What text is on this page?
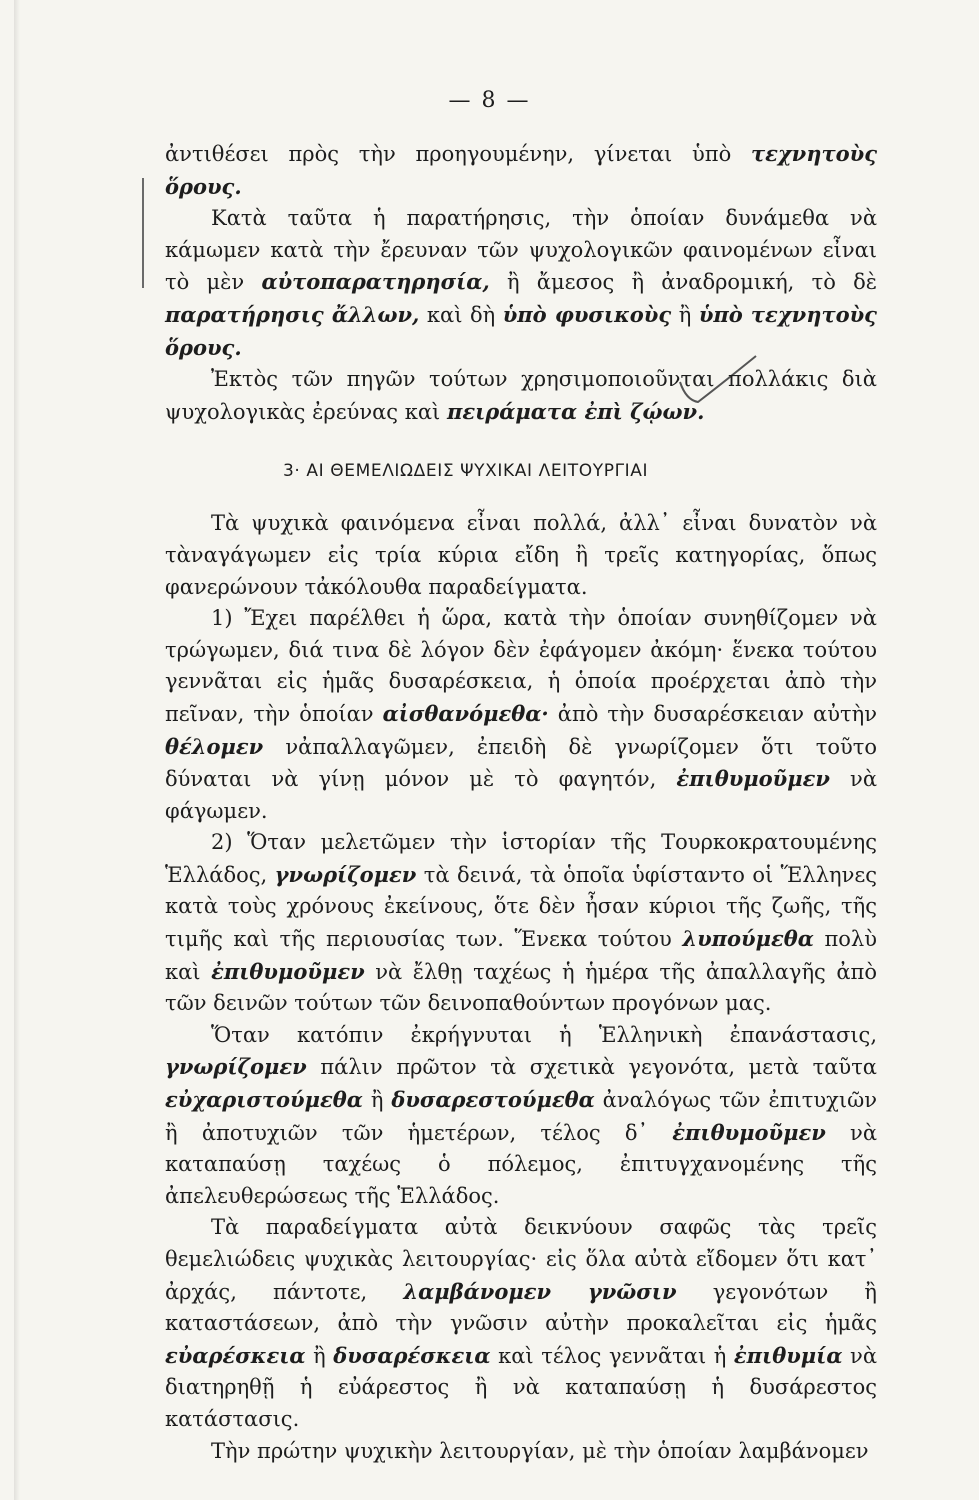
— 8 —

ἀντιθέσει πρὸς τὴν προηγουμένην, γίνεται ὑπὸ τεχνητοὺς ὅρους.

Κατὰ ταῦτα ἡ παρατήρησις, τὴν ὁποίαν δυνάμεθα νὰ κάμωμεν κατὰ τὴν ἔρευναν τῶν ψυχολογικῶν φαινομένων εἶναι τὸ μὲν αὐτοπαρατηρησία, ἢ ἄμεσος ἢ ἀναδρομική, τὸ δὲ παρατήρησις ἄλλων, καὶ δὴ ὑπὸ φυσικοὺς ἢ ὑπὸ τεχνητοὺς ὅρους.

Ἐκτὸς τῶν πηγῶν τούτων χρησιμοποιοῦνται πολλάκις διὰ ψυχολογικὰς ἐρεύνας καὶ πειράματα ἐπὶ ζῴων.

3· ΑΙ ΘΕΜΕΛΙΩΔΕΙΣ ΨΥΧΙΚΑΙ ΛΕΙΤΟΥΡΓΙΑΙ

Τὰ ψυχικὰ φαινόμενα εἶναι πολλά, ἀλλ᾽ εἶναι δυνατὸν νὰ τὰναγάγωμεν εἰς τρία κύρια εἴδη ἢ τρεῖς κατηγορίας, ὅπως φανερώνουν τἀκόλουθα παραδείγματα.

1) Ἔχει παρέλθει ἡ ὥρα, κατὰ τὴν ὁποίαν συνηθίζομεν νὰ τρώγωμεν, διά τινα δὲ λόγον δὲν ἐφάγομεν ἀκόμη· ἕνεκα τούτου γεννᾶται εἰς ἡμᾶς δυσαρέσκεια, ἡ ὁποία προέρχεται ἀπὸ τὴν πεῖναν, τὴν ὁποίαν αἰσθανόμεθα· ἀπὸ τὴν δυσαρέσκειαν αὐτὴν θέλομεν νἀπαλλαγῶμεν, ἐπειδὴ δὲ γνωρίζομεν ὅτι τοῦτο δύναται νὰ γίνῃ μόνον μὲ τὸ φαγητόν, ἐπιθυμοῦμεν νὰ φάγωμεν.

2) Ὅταν μελετῶμεν τὴν ἱστορίαν τῆς Τουρκοκρατουμένης Ἑλλάδος, γνωρίζομεν τὰ δεινά, τὰ ὁποῖα ὑφίσταντο οἱ Ἕλληνες κατὰ τοὺς χρόνους ἐκείνους, ὅτε δὲν ἦσαν κύριοι τῆς ζωῆς, τῆς τιμῆς καὶ τῆς περιουσίας των. Ἕνεκα τούτου λυπούμεθα πολὺ καὶ ἐπιθυμοῦμεν νὰ ἔλθῃ ταχέως ἡ ἡμέρα τῆς ἀπαλλαγῆς ἀπὸ τῶν δεινῶν τούτων τῶν δεινοπαθούντων προγόνων μας.

Ὅταν κατόπιν ἐκρήγνυται ἡ Ἑλληνικὴ ἐπανάστασις, γνωρίζομεν πάλιν πρῶτον τὰ σχετικὰ γεγονότα, μετὰ ταῦτα εὐχαριστούμεθα ἢ δυσαρεστούμεθα ἀναλόγως τῶν ἐπιτυχιῶν ἢ ἀποτυχιῶν τῶν ἡμετέρων, τέλος δ᾽ ἐπιθυμοῦμεν νὰ καταπαύσῃ ταχέως ὁ πόλεμος, ἐπιτυγχανομένης τῆς ἀπελευθερώσεως τῆς Ἑλλάδος.

Τὰ παραδείγματα αὐτὰ δεικνύουν σαφῶς τὰς τρεῖς θεμελιώδεις ψυχικὰς λειτουργίας· εἰς ὅλα αὐτὰ εἴδομεν ὅτι κατ᾽ ἀρχάς, πάντοτε, λαμβάνομεν γνῶσιν γεγονότων ἢ καταστάσεων, ἀπὸ τὴν γνῶσιν αὐτὴν προκαλεῖται εἰς ἡμᾶς εὐαρέσκεια ἢ δυσαρέσκεια καὶ τέλος γεννᾶται ἡ ἐπιθυμία νὰ διατηρηθῇ ἡ εὐάρεστος ἢ νὰ καταπαύσῃ ἡ δυσάρεστος κατάστασις.

Τὴν πρώτην ψυχικὴν λειτουργίαν, μὲ τὴν ὁποίαν λαμβάνομεν
